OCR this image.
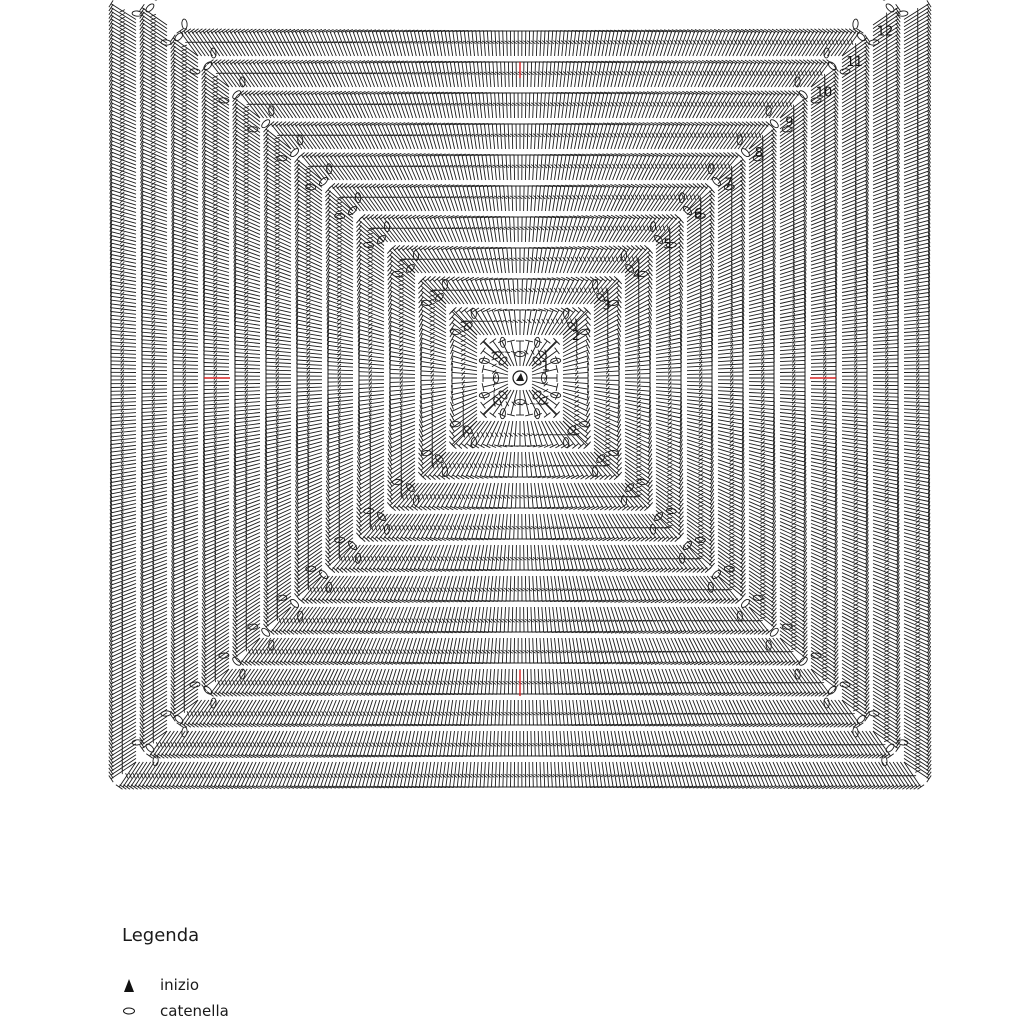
1
2
3
4
5
6
7
8
9
10
11
12
Legenda
inizio
catenella
